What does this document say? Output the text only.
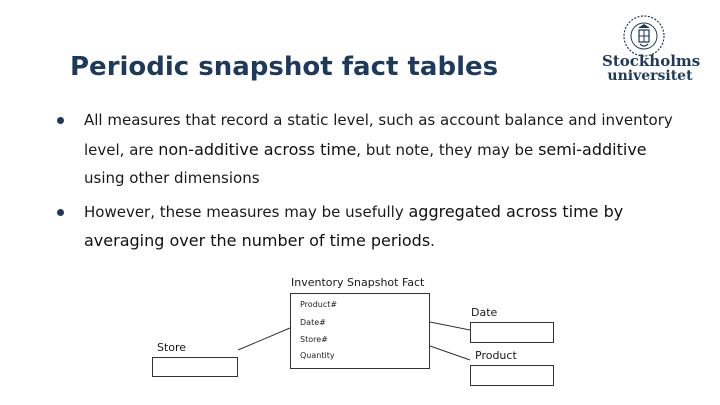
Periodic snapshot fact tables	Stockholms
universitet

All measures that record a static level, such as account balance and inventory

level, are non-additive across time, but note, they may be semi-additive

using other dimensions

However, these measures may be usefully aggregated across time by

averaging over the number of time periods.

Inventory Snapshot Fact
Product#
Date#
Store#
Quantity
Store
Date
Product
